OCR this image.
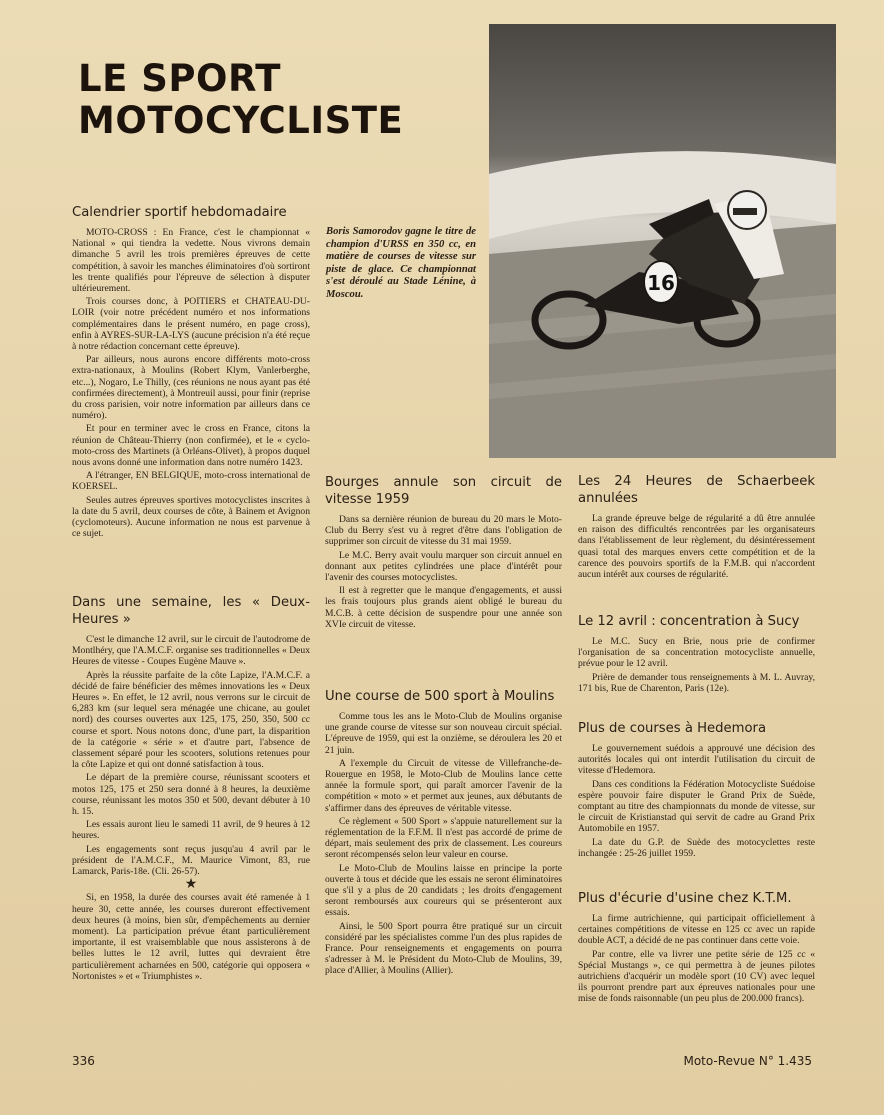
LE SPORT
MOTOCYCLISTE
16
Boris Samorodov gagne le titre de champion d'URSS en 350 cc, en matière de courses de vitesse sur piste de glace. Ce championnat s'est déroulé au Stade Lénine, à Moscou.
Calendrier sportif hebdomadaire

MOTO-CROSS : En France, c'est le championnat « National » qui tiendra la vedette. Nous vivrons demain dimanche 5 avril les trois premières épreuves de cette compétition, à savoir les manches éliminatoires d'où sortiront les trente qualifiés pour l'épreuve de sélection à disputer ultérieurement.

Trois courses donc, à POITIERS et CHATEAU-DU-LOIR (voir notre précédent numéro et nos informations complémentaires dans le présent numéro, en page cross), enfin à AYRES-SUR-LA-LYS (aucune précision n'a été reçue à notre rédaction concernant cette épreuve).

Par ailleurs, nous aurons encore différents moto-cross extra-nationaux, à Moulins (Robert Klym, Vanlerberghe, etc...), Nogaro, Le Thilly, (ces réunions ne nous ayant pas été confirmées directement), à Montreuil aussi, pour finir (reprise du cross parisien, voir notre information par ailleurs dans ce numéro).

Et pour en terminer avec le cross en France, citons la réunion de Château-Thierry (non confirmée), et le « cyclo-moto-cross des Martinets (à Orléans-Olivet), à propos duquel nous avons donné une information dans notre numéro 1423.

A l'étranger, EN BELGIQUE, moto-cross international de KOERSEL.

Seules autres épreuves sportives motocyclistes inscrites à la date du 5 avril, deux courses de côte, à Bainem et Avignon (cyclomoteurs). Aucune information ne nous est parvenue à ce sujet.

Dans une semaine, les « Deux-Heures »

C'est le dimanche 12 avril, sur le circuit de l'autodrome de Montlhéry, que l'A.M.C.F. organise ses traditionnelles « Deux Heures de vitesse - Coupes Eugène Mauve ».

Après la réussite parfaite de la côte Lapize, l'A.M.C.F. a décidé de faire bénéficier des mêmes innovations les « Deux Heures ». En effet, le 12 avril, nous verrons sur le circuit de 6,283 km (sur lequel sera ménagée une chicane, au goulet nord) des courses ouvertes aux 125, 175, 250, 350, 500 cc course et sport. Nous notons donc, d'une part, la disparition de la catégorie « série » et d'autre part, l'absence de classement séparé pour les scooters, solutions retenues pour la côte Lapize et qui ont donné satisfaction à tous.

Le départ de la première course, réunissant scooters et motos 125, 175 et 250 sera donné à 8 heures, la deuxième course, réunissant les motos 350 et 500, devant débuter à 10 h. 15.

Les essais auront lieu le samedi 11 avril, de 9 heures à 12 heures.

Les engagements sont reçus jusqu'au 4 avril par le président de l'A.M.C.F., M. Maurice Vimont, 83, rue Lamarck, Paris-18e. (Cli. 26-57).

★

Si, en 1958, la durée des courses avait été ramenée à 1 heure 30, cette année, les courses dureront effectivement deux heures (à moins, bien sûr, d'empêchements au dernier moment). La participation prévue étant particulièrement importante, il est vraisemblable que nous assisterons à de belles luttes le 12 avril, luttes qui devraient être particulièrement acharnées en 500, catégorie qui opposera « Nortonistes » et « Triumphistes ».

Bourges annule son circuit de vitesse 1959

Dans sa dernière réunion de bureau du 20 mars le Moto-Club du Berry s'est vu à regret d'être dans l'obligation de supprimer son circuit de vitesse du 31 mai 1959.

Le M.C. Berry avait voulu marquer son circuit annuel en donnant aux petites cylindrées une place d'intérêt pour l'avenir des courses motocyclistes.

Il est à regretter que le manque d'engagements, et aussi les frais toujours plus grands aient obligé le bureau du M.C.B. à cette décision de suspendre pour une année son XVIe circuit de vitesse.

Une course de 500 sport à Moulins

Comme tous les ans le Moto-Club de Moulins organise une grande course de vitesse sur son nouveau circuit spécial. L'épreuve de 1959, qui est la onzième, se déroulera les 20 et 21 juin.

A l'exemple du Circuit de vitesse de Villefranche-de-Rouergue en 1958, le Moto-Club de Moulins lance cette année la formule sport, qui paraît amorcer l'avenir de la compétition « moto » et permet aux jeunes, aux débutants de s'affirmer dans des épreuves de véritable vitesse.

Ce règlement « 500 Sport » s'appuie naturellement sur la réglementation de la F.F.M. Il n'est pas accordé de prime de départ, mais seulement des prix de classement. Les coureurs seront récompensés selon leur valeur en course.

Le Moto-Club de Moulins laisse en principe la porte ouverte à tous et décide que les essais ne seront éliminatoires que s'il y a plus de 20 candidats ; les droits d'engagement seront remboursés aux coureurs qui se présenteront aux essais.

Ainsi, le 500 Sport pourra être pratiqué sur un circuit considéré par les spécialistes comme l'un des plus rapides de France. Pour renseignements et engagements on pourra s'adresser à M. le Président du Moto-Club de Moulins, 39, place d'Allier, à Moulins (Allier).

Les 24 Heures de Schaerbeek annulées

La grande épreuve belge de régularité a dû être annulée en raison des difficultés rencontrées par les organisateurs dans l'établissement de leur règlement, du désintéressement quasi total des marques envers cette compétition et de la carence des pouvoirs sportifs de la F.M.B. qui n'accordent aucun intérêt aux courses de régularité.

Le 12 avril : concentration à Sucy

Le M.C. Sucy en Brie, nous prie de confirmer l'organisation de sa concentration motocycliste annuelle, prévue pour le 12 avril.

Prière de demander tous renseignements à M. L. Auvray, 171 bis, Rue de Charenton, Paris (12e).

Plus de courses à Hedemora

Le gouvernement suédois a approuvé une décision des autorités locales qui ont interdit l'utilisation du circuit de vitesse d'Hedemora.

Dans ces conditions la Fédération Motocycliste Suédoise espère pouvoir faire disputer le Grand Prix de Suède, comptant au titre des championnats du monde de vitesse, sur le circuit de Kristianstad qui servit de cadre au Grand Prix Automobile en 1957.

La date du G.P. de Suède des motocyclettes reste inchangée : 25-26 juillet 1959.

Plus d'écurie d'usine chez K.T.M.

La firme autrichienne, qui participait officiellement à certaines compétitions de vitesse en 125 cc avec un rapide double ACT, a décidé de ne pas continuer dans cette voie.

Par contre, elle va livrer une petite série de 125 cc « Spécial Mustangs », ce qui permettra à de jeunes pilotes autrichiens d'acquérir un modèle sport (10 CV) avec lequel ils pourront prendre part aux épreuves nationales pour une mise de fonds raisonnable (un peu plus de 200.000 francs).

336	Moto-Revue N° 1.435
